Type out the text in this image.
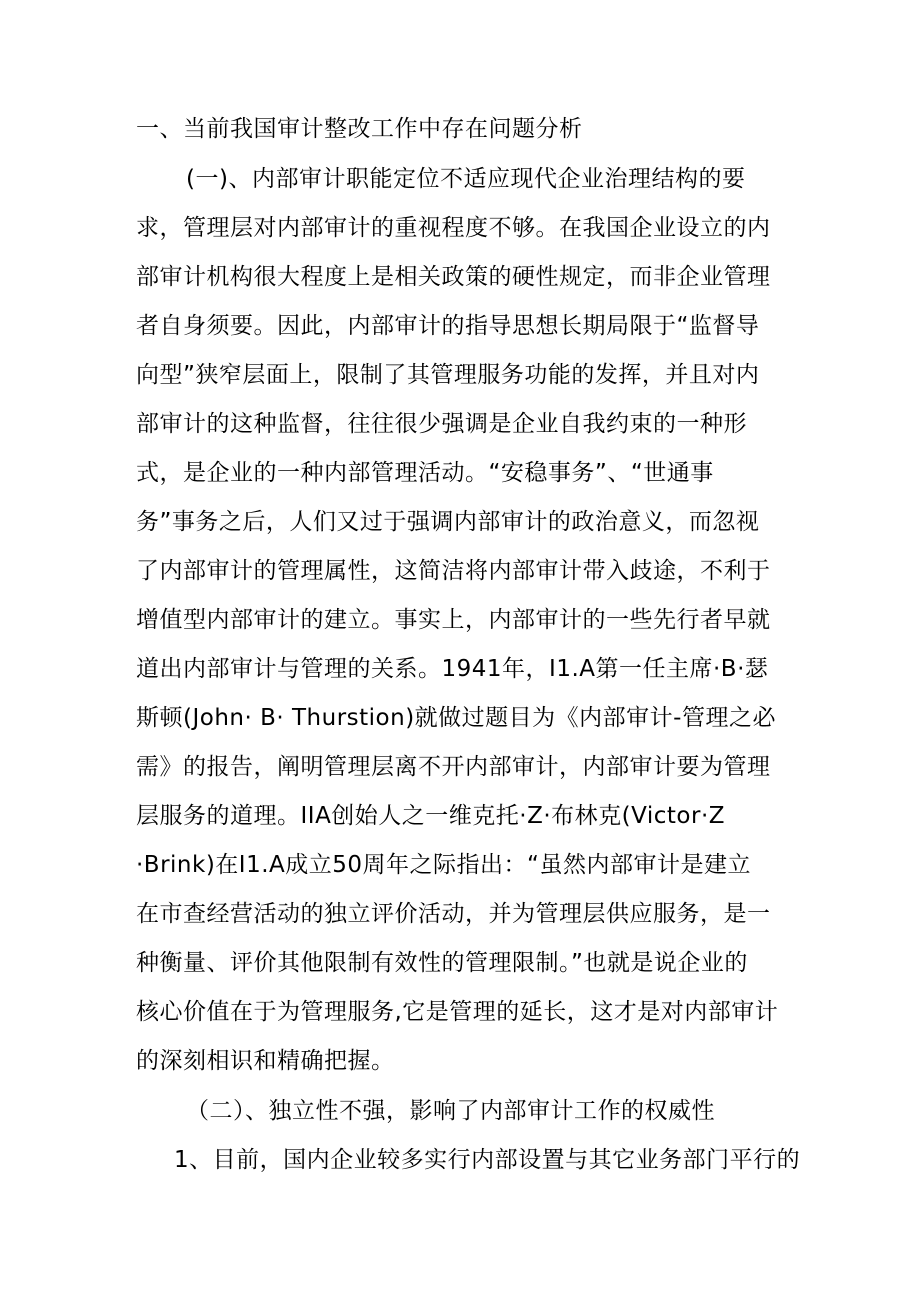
一、当前我国审计整改工作中存在问题分析
(一)、内部审计职能定位不适应现代企业治理结构的要
求，管理层对内部审计的重视程度不够。在我国企业设立的内
部审计机构很大程度上是相关政策的硬性规定，而非企业管理
者自身须要。因此，内部审计的指导思想长期局限于“监督导
向型”狭窄层面上，限制了其管理服务功能的发挥，并且对内
部审计的这种监督，往往很少强调是企业自我约束的一种形
式，是企业的一种内部管理活动。“安稳事务”、“世通事
务”事务之后，人们又过于强调内部审计的政治意义，而忽视
了内部审计的管理属性，这简洁将内部审计带入歧途，不利于
增值型内部审计的建立。事实上，内部审计的一些先行者早就
道出内部审计与管理的关系。1941年，I1.A第一任主席·B·瑟
斯顿(John· B· Thurstion)就做过题目为《内部审计-管理之必
需》的报告，阐明管理层离不开内部审计，内部审计要为管理
层服务的道理。IIA创始人之一维克托·Z·布林克(Victor·Z
·Brink)在I1.A成立50周年之际指出：“虽然内部审计是建立
在市查经营活动的独立评价活动，并为管理层供应服务，是一
种衡量、评价其他限制有效性的管理限制。”也就是说企业的
核心价值在于为管理服务,它是管理的延长，这才是对内部审计
的深刻相识和精确把握。
（二）、独立性不强，影响了内部审计工作的权威性
1、目前，国内企业较多实行内部设置与其它业务部门平行的
